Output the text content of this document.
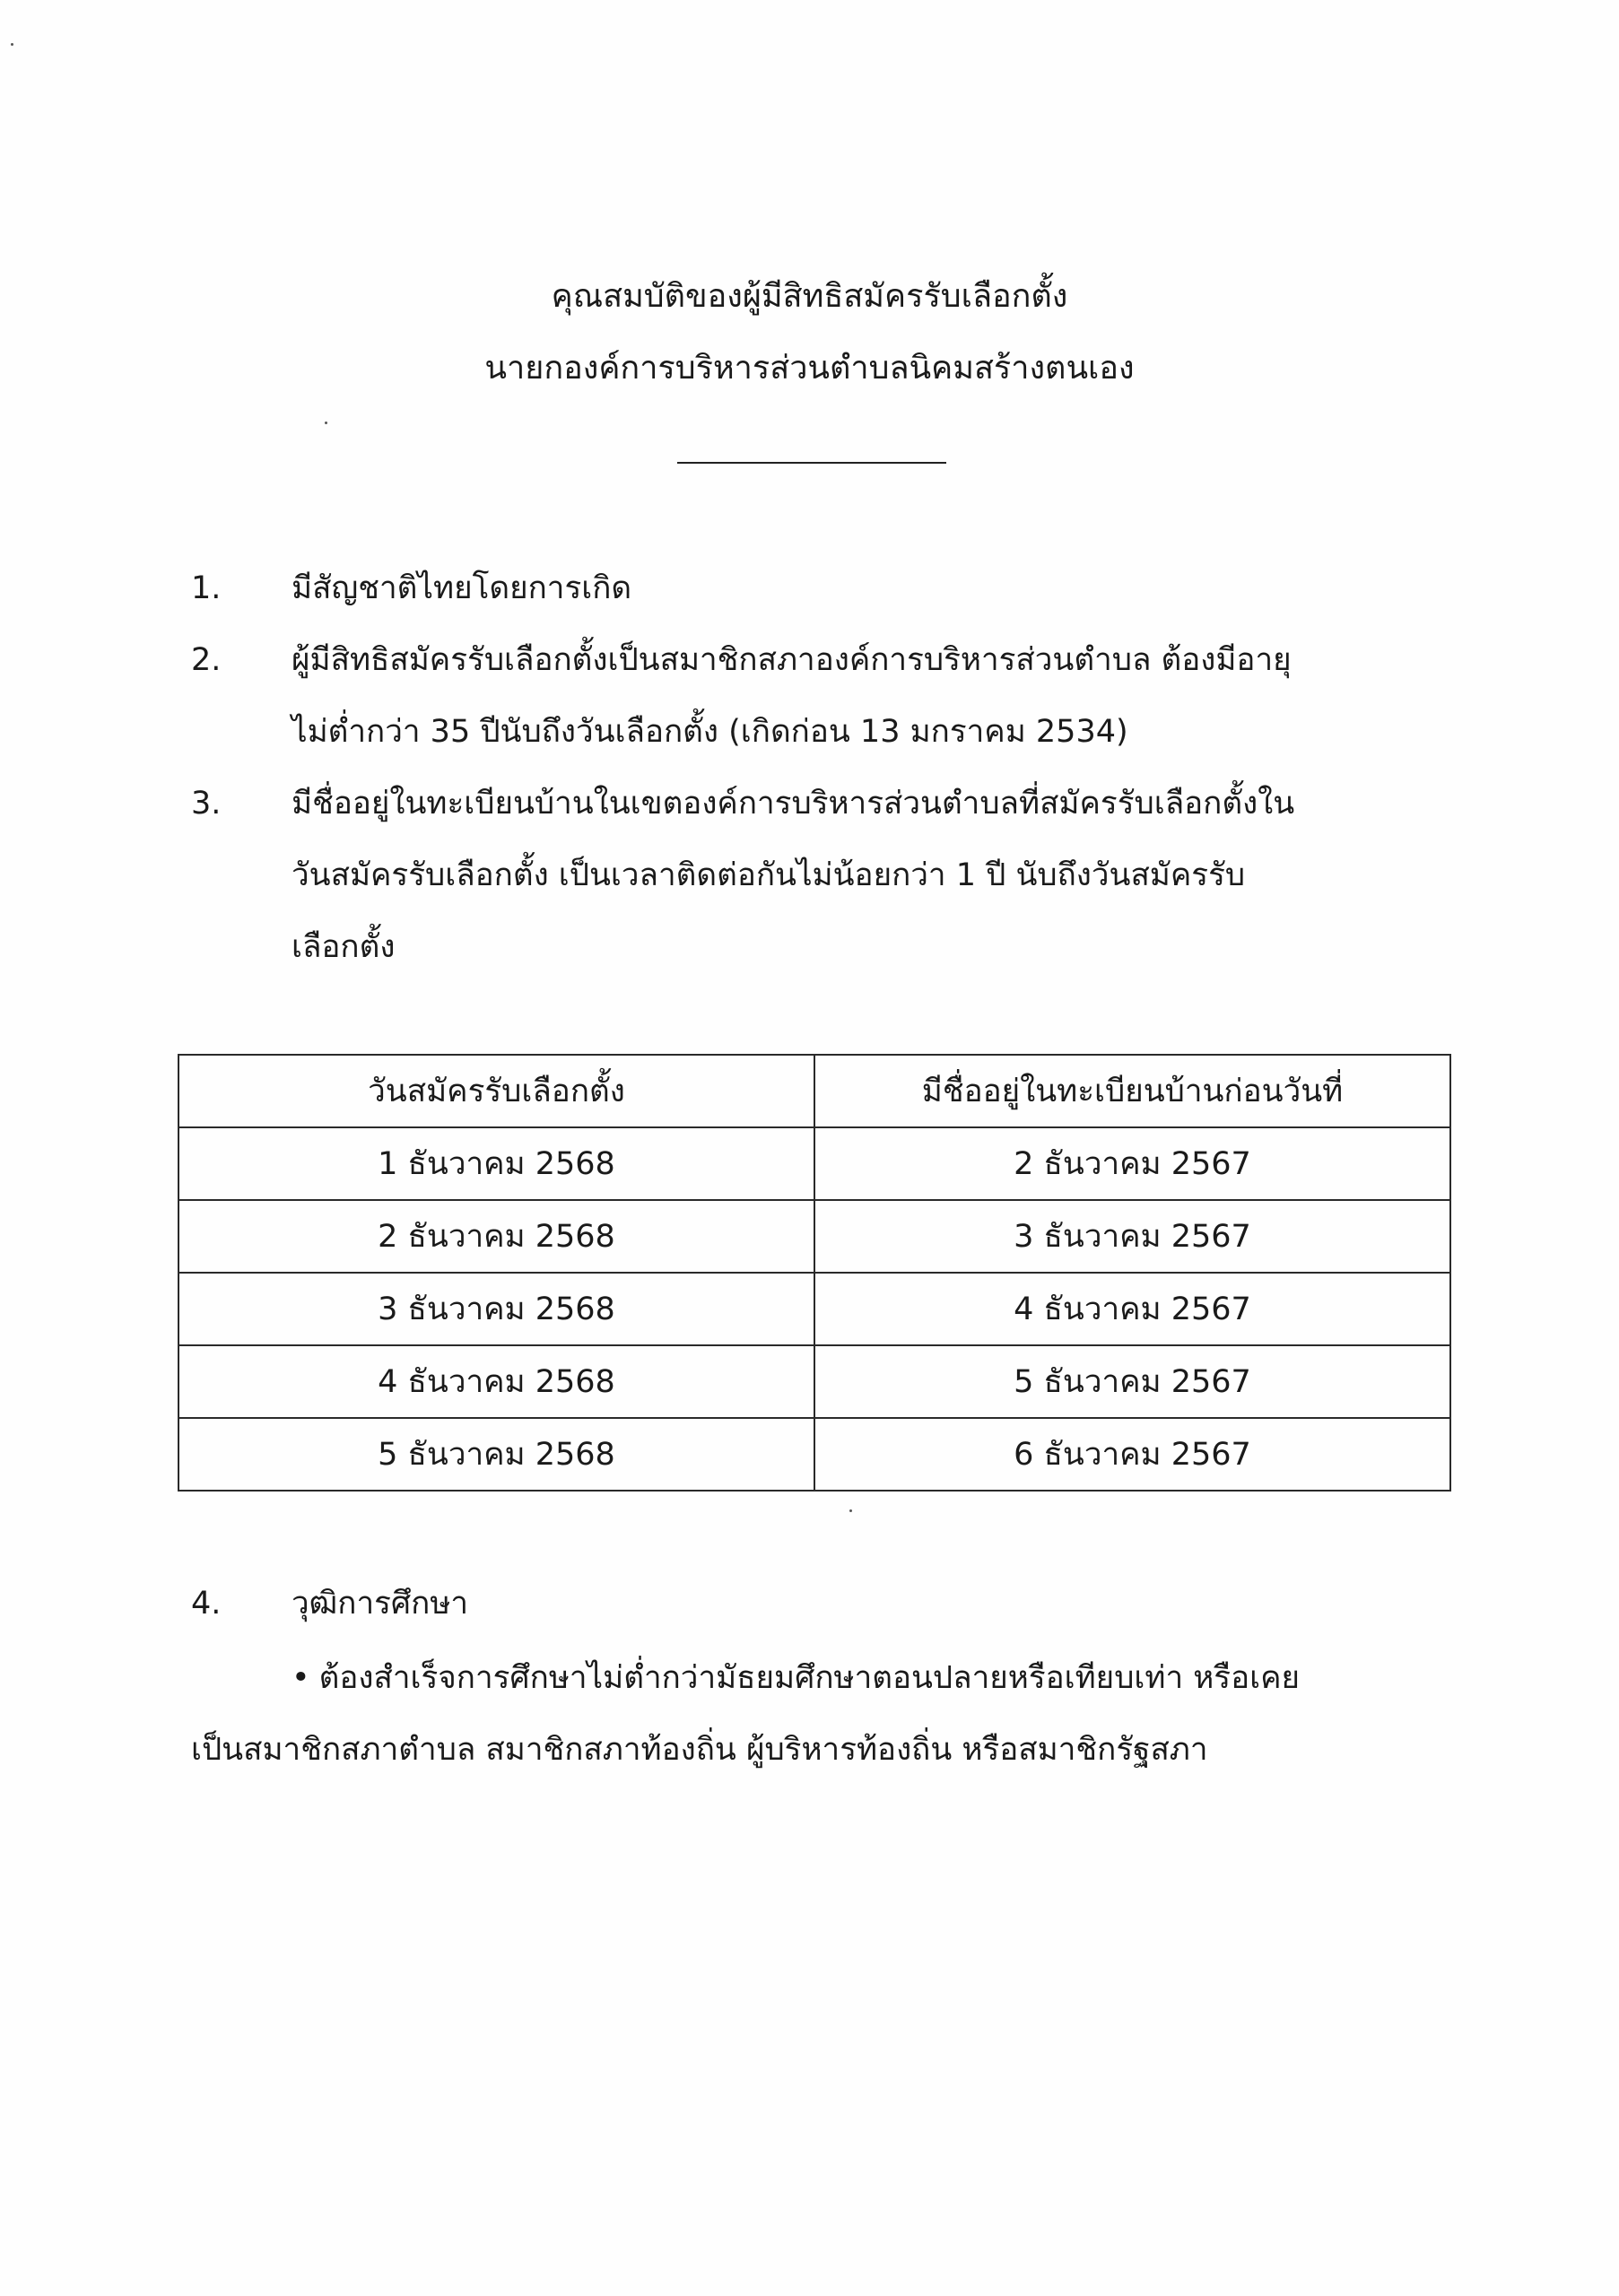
คุณสมบัติของผู้มีสิทธิสมัครรับเลือกตั้ง
นายกองค์การบริหารส่วนตำบลนิคมสร้างตนเอง
1. มีสัญชาติไทยโดยการเกิด
2. ผู้มีสิทธิสมัครรับเลือกตั้งเป็นสมาชิกสภาองค์การบริหารส่วนตำบล ต้องมีอายุ
ไม่ต่ำกว่า 35 ปีนับถึงวันเลือกตั้ง (เกิดก่อน 13 มกราคม 2534)
3. มีชื่ออยู่ในทะเบียนบ้านในเขตองค์การบริหารส่วนตำบลที่สมัครรับเลือกตั้งใน
วันสมัครรับเลือกตั้ง เป็นเวลาติดต่อกันไม่น้อยกว่า 1 ปี นับถึงวันสมัครรับ
เลือกตั้ง
วันสมัครรับเลือกตั้ง	มีชื่ออยู่ในทะเบียนบ้านก่อนวันที่
1 ธันวาคม 2568	2 ธันวาคม 2567
2 ธันวาคม 2568	3 ธันวาคม 2567
3 ธันวาคม 2568	4 ธันวาคม 2567
4 ธันวาคม 2568	5 ธันวาคม 2567
5 ธันวาคม 2568	6 ธันวาคม 2567
4. วุฒิการศึกษา
• ต้องสำเร็จการศึกษาไม่ต่ำกว่ามัธยมศึกษาตอนปลายหรือเทียบเท่า หรือเคย
เป็นสมาชิกสภาตำบล สมาชิกสภาท้องถิ่น ผู้บริหารท้องถิ่น หรือสมาชิกรัฐสภา
